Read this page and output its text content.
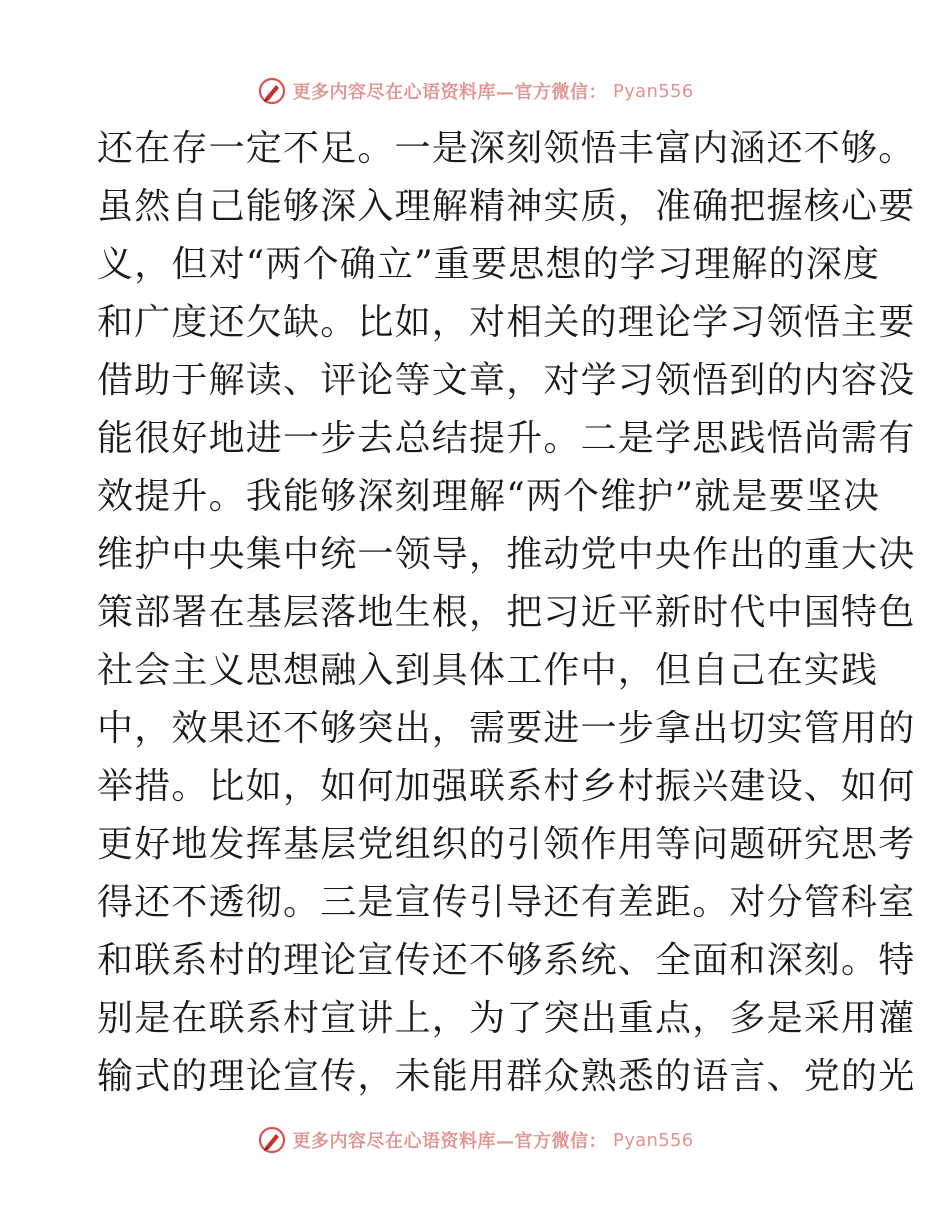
更多内容尽在心语资料库—官方微信： Pyan556
还在存一定不足。一是深刻领悟丰富内涵还不够。
虽然自己能够深入理解精神实质，准确把握核心要
义，但对“两个确立”重要思想的学习理解的深度
和广度还欠缺。比如，对相关的理论学习领悟主要
借助于解读、评论等文章，对学习领悟到的内容没
能很好地进一步去总结提升。二是学思践悟尚需有
效提升。我能够深刻理解“两个维护”就是要坚决
维护中央集中统一领导，推动党中央作出的重大决
策部署在基层落地生根，把习近平新时代中国特色
社会主义思想融入到具体工作中，但自己在实践
中，效果还不够突出，需要进一步拿出切实管用的
举措。比如，如何加强联系村乡村振兴建设、如何
更好地发挥基层党组织的引领作用等问题研究思考
得还不透彻。三是宣传引导还有差距。对分管科室
和联系村的理论宣传还不够系统、全面和深刻。特
别是在联系村宣讲上，为了突出重点，多是采用灌
输式的理论宣传，未能用群众熟悉的语言、党的光
更多内容尽在心语资料库—官方微信： Pyan556
